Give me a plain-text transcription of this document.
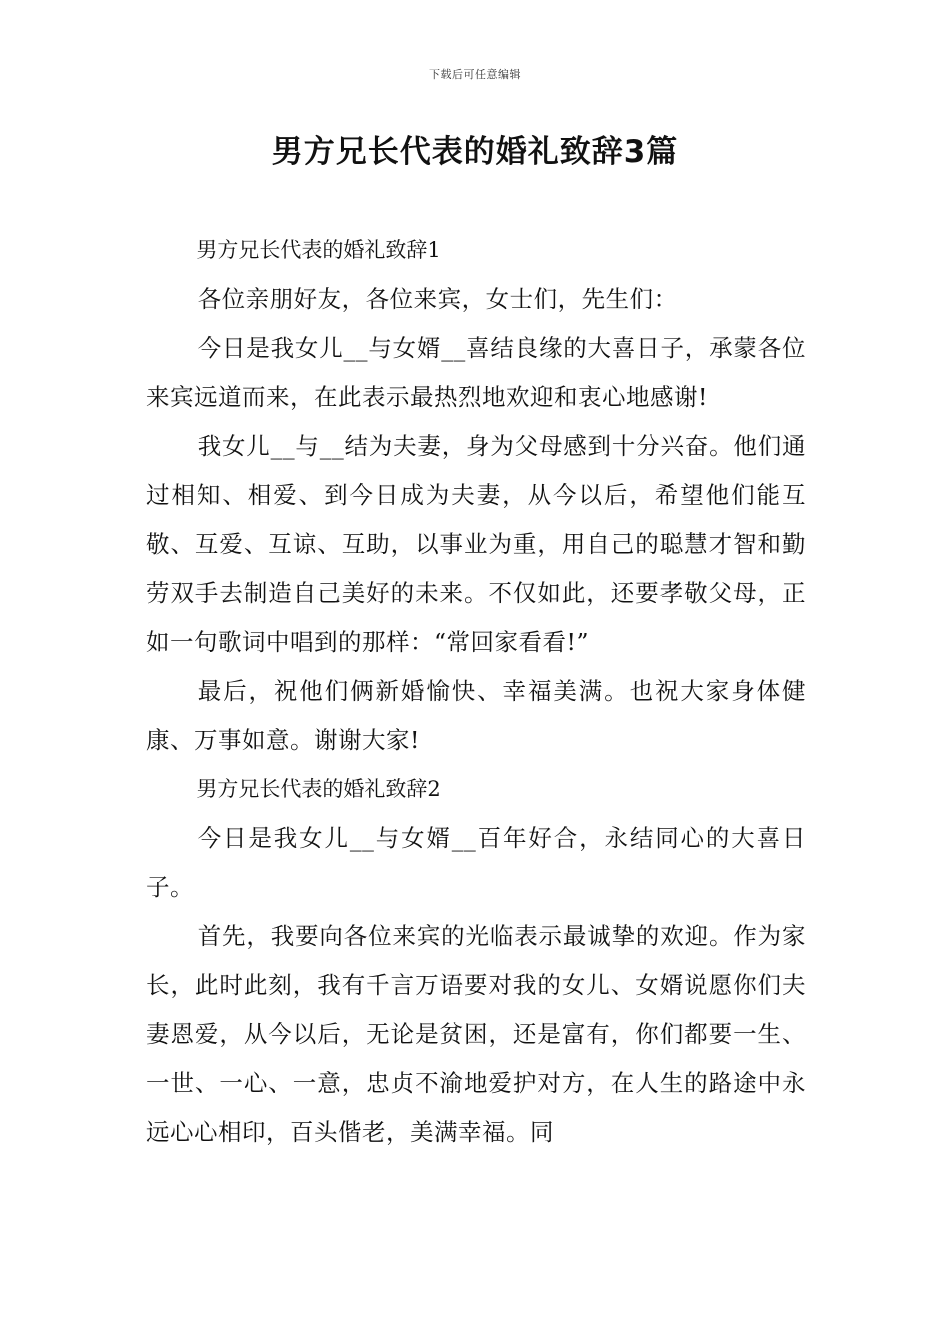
下载后可任意编辑
男方兄长代表的婚礼致辞3篇

男方兄长代表的婚礼致辞1

各位亲朋好友，各位来宾，女士们，先生们：

今日是我女儿__与女婿__喜结良缘的大喜日子，承蒙各位来宾远道而来，在此表示最热烈地欢迎和衷心地感谢!

我女儿__与__结为夫妻，身为父母感到十分兴奋。他们通过相知、相爱、到今日成为夫妻，从今以后，希望他们能互敬、互爱、互谅、互助，以事业为重，用自己的聪慧才智和勤劳双手去制造自己美好的未来。不仅如此，还要孝敬父母，正如一句歌词中唱到的那样：“常回家看看!”

最后，祝他们俩新婚愉快、幸福美满。也祝大家身体健康、万事如意。谢谢大家!

男方兄长代表的婚礼致辞2

今日是我女儿__与女婿__百年好合，永结同心的大喜日子。

首先，我要向各位来宾的光临表示最诚挚的欢迎。作为家长，此时此刻，我有千言万语要对我的女儿、女婿说愿你们夫妻恩爱，从今以后，无论是贫困，还是富有，你们都要一生、一世、一心、一意，忠贞不渝地爱护对方，在人生的路途中永远心心相印，百头偕老，美满幸福。同
